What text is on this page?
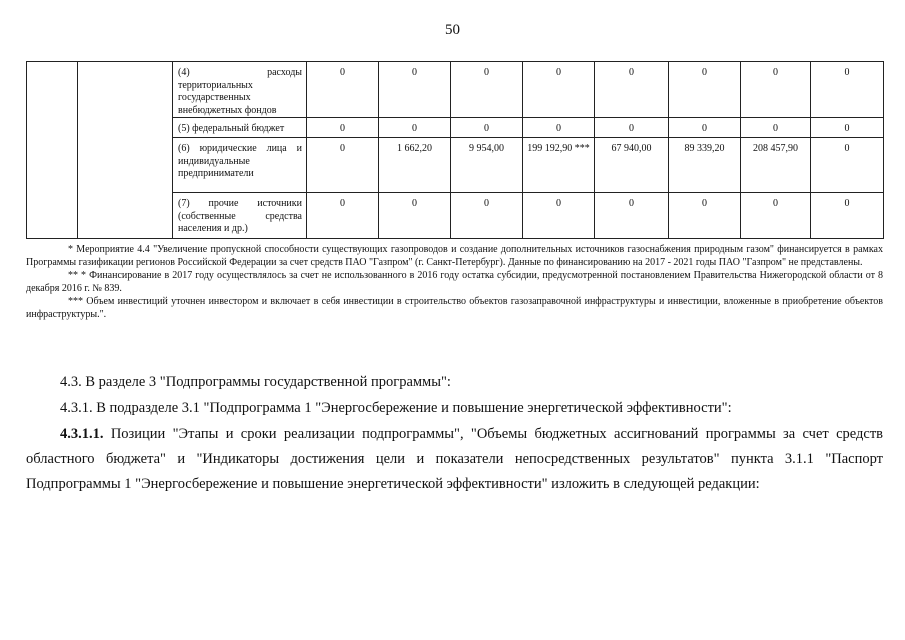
50
		(4) расходы территориальных государственных внебюджетных фондов	0	0	0	0	0	0	0	0
		(5) федеральный бюджет	0	0	0	0	0	0	0	0
		(6) юридические лица и индивидуальные предприниматели	0	1 662,20	9 954,00	199 192,90 ***	67 940,00	89 339,20	208 457,90	0
		(7) прочие источники (собственные средства населения и др.)	0	0	0	0	0	0	0	0

* Мероприятие 4.4 "Увеличение пропускной способности существующих газопроводов и создание дополнительных источников газоснабжения природным газом" финансируется в рамках Программы газификации регионов Российской Федерации за счет средств ПАО "Газпром" (г. Санкт-Петербург). Данные по финансированию на 2017 - 2021 годы ПАО "Газпром" не представлены.

** * Финансирование в 2017 году осуществлялось за счет не использованного в 2016 году остатка субсидии, предусмотренной постановлением Правительства Нижегородской области от 8 декабря 2016 г. № 839.

*** Объем инвестиций уточнен инвестором и включает в себя инвестиции в строительство объектов газозаправочной инфраструктуры и инвестиции, вложенные в приобретение объектов инфраструктуры.".

4.3. В разделе 3 "Подпрограммы государственной программы":
4.3.1. В подразделе 3.1 "Подпрограмма 1 "Энергосбережение и повышение энергетической эффективности":
4.3.1.1. Позиции "Этапы и сроки реализации подпрограммы", "Объемы бюджетных ассигнований программы за счет средств областного бюджета" и "Индикаторы достижения цели и показатели непосредственных результатов" пункта 3.1.1 "Паспорт Подпрограммы 1 "Энергосбережение и повышение энергетической эффективности" изложить в следующей редакции:
